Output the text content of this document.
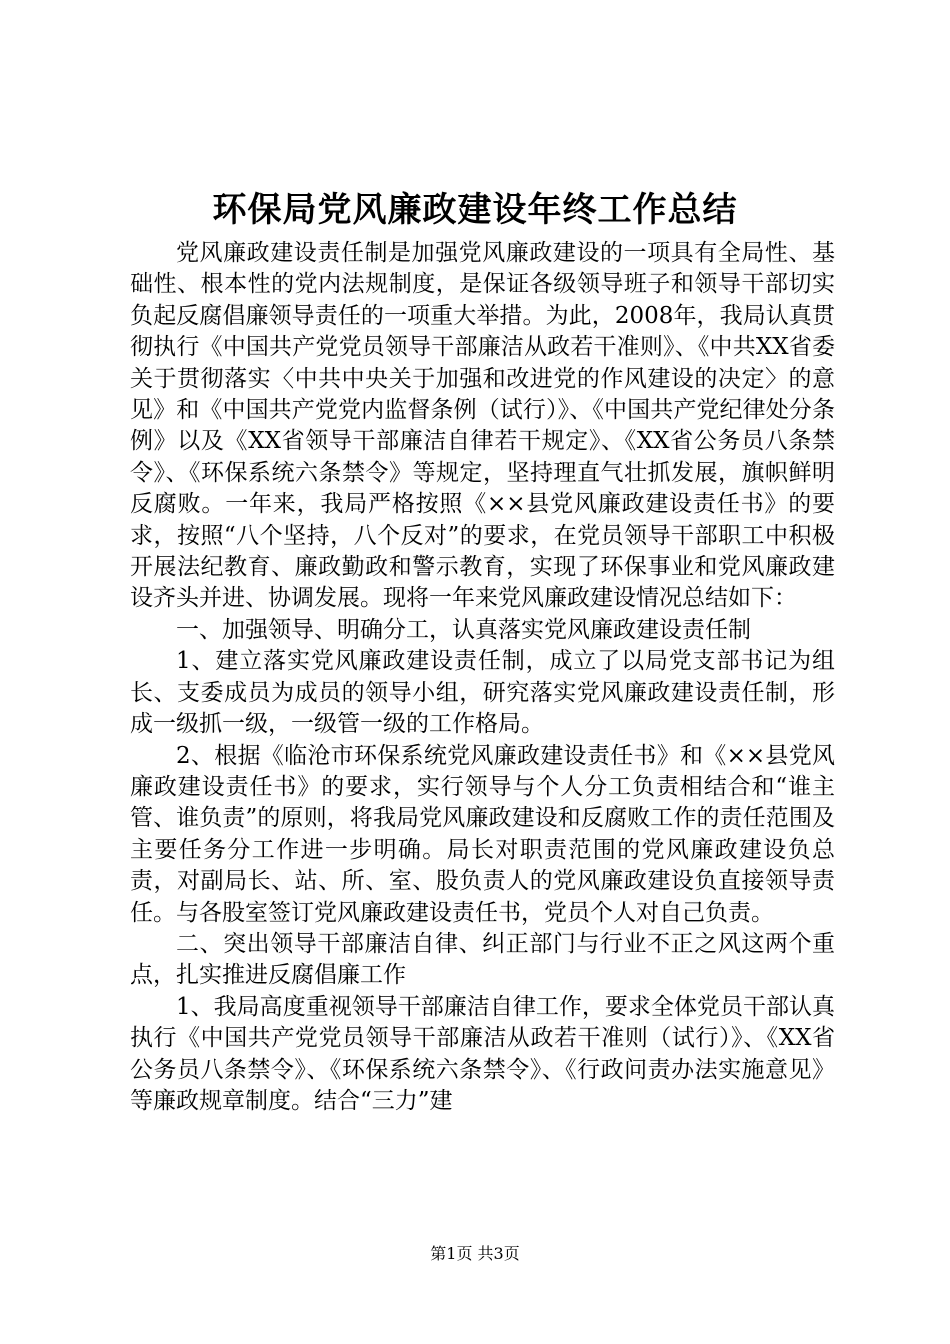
环保局党风廉政建设年终工作总结

党风廉政建设责任制是加强党风廉政建设的一项具有全局性、基础性、根本性的党内法规制度，是保证各级领导班子和领导干部切实负起反腐倡廉领导责任的一项重大举措。为此，2008年，我局认真贯彻执行《中国共产党党员领导干部廉洁从政若干准则》、《中共XX省委关于贯彻落实〈中共中央关于加强和改进党的作风建设的决定〉的意见》和《中国共产党党内监督条例（试行）》、《中国共产党纪律处分条例》以及《XX省领导干部廉洁自律若干规定》、《XX省公务员八条禁令》、《环保系统六条禁令》等规定，坚持理直气壮抓发展，旗帜鲜明反腐败。一年来，我局严格按照《××县党风廉政建设责任书》的要求，按照“八个坚持，八个反对”的要求，在党员领导干部职工中积极开展法纪教育、廉政勤政和警示教育，实现了环保事业和党风廉政建设齐头并进、协调发展。现将一年来党风廉政建设情况总结如下：

一、加强领导、明确分工，认真落实党风廉政建设责任制

1、建立落实党风廉政建设责任制，成立了以局党支部书记为组长、支委成员为成员的领导小组，研究落实党风廉政建设责任制，形成一级抓一级，一级管一级的工作格局。

2、根据《临沧市环保系统党风廉政建设责任书》和《××县党风廉政建设责任书》的要求，实行领导与个人分工负责相结合和“谁主管、谁负责”的原则，将我局党风廉政建设和反腐败工作的责任范围及主要任务分工作进一步明确。局长对职责范围的党风廉政建设负总责，对副局长、站、所、室、股负责人的党风廉政建设负直接领导责任。与各股室签订党风廉政建设责任书，党员个人对自己负责。

二、突出领导干部廉洁自律、纠正部门与行业不正之风这两个重点，扎实推进反腐倡廉工作

1、我局高度重视领导干部廉洁自律工作，要求全体党员干部认真执行《中国共产党党员领导干部廉洁从政若干准则（试行）》、《XX省公务员八条禁令》、《环保系统六条禁令》、《行政问责办法实施意见》等廉政规章制度。结合“三力”建

第1页 共3页
